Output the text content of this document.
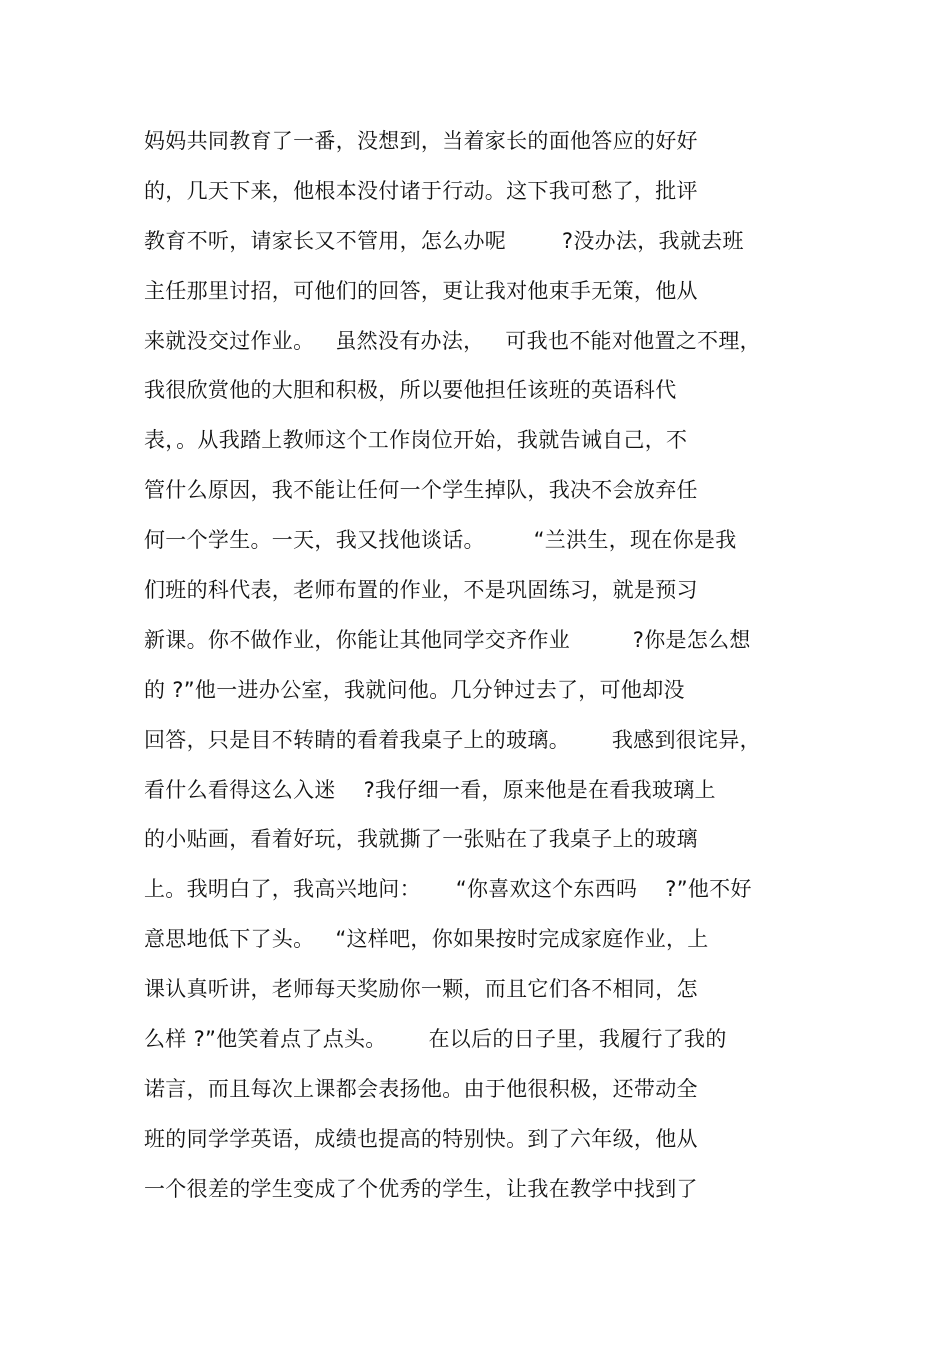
妈妈共同教育了一番，没想到，当着家长的面他答应的好好
的，几天下来，他根本没付诸于行动。这下我可愁了，批评
教育不听，请家长又不管用，怎么办呢        ?没办法，我就去班
主任那里讨招，可他们的回答，更让我对他束手无策，他从
来就没交过作业。   虽然没有办法，   可我也不能对他置之不理，
我很欣赏他的大胆和积极，所以要他担任该班的英语科代
表，。从我踏上教师这个工作岗位开始，我就告诫自己，不
管什么原因，我不能让任何一个学生掉队，我决不会放弃任
何一个学生。一天，我又找他谈话。       “兰洪生，现在你是我
们班的科代表，老师布置的作业，不是巩固练习，就是预习
新课。你不做作业，你能让其他同学交齐作业         ?你是怎么想
的 ?”他一进办公室，我就问他。几分钟过去了，可他却没
回答，只是目不转睛的看着我桌子上的玻璃。      我感到很诧异，
看什么看得这么入迷    ?我仔细一看，原来他是在看我玻璃上
的小贴画，看着好玩，我就撕了一张贴在了我桌子上的玻璃
上。我明白了，我高兴地问：     “你喜欢这个东西吗    ?”他不好
意思地低下了头。   “这样吧，你如果按时完成家庭作业，上
课认真听讲，老师每天奖励你一颗，而且它们各不相同，怎
么样 ?”他笑着点了点头。      在以后的日子里，我履行了我的
诺言，而且每次上课都会表扬他。由于他很积极，还带动全
班的同学学英语，成绩也提高的特别快。到了六年级，他从
一个很差的学生变成了个优秀的学生，让我在教学中找到了
